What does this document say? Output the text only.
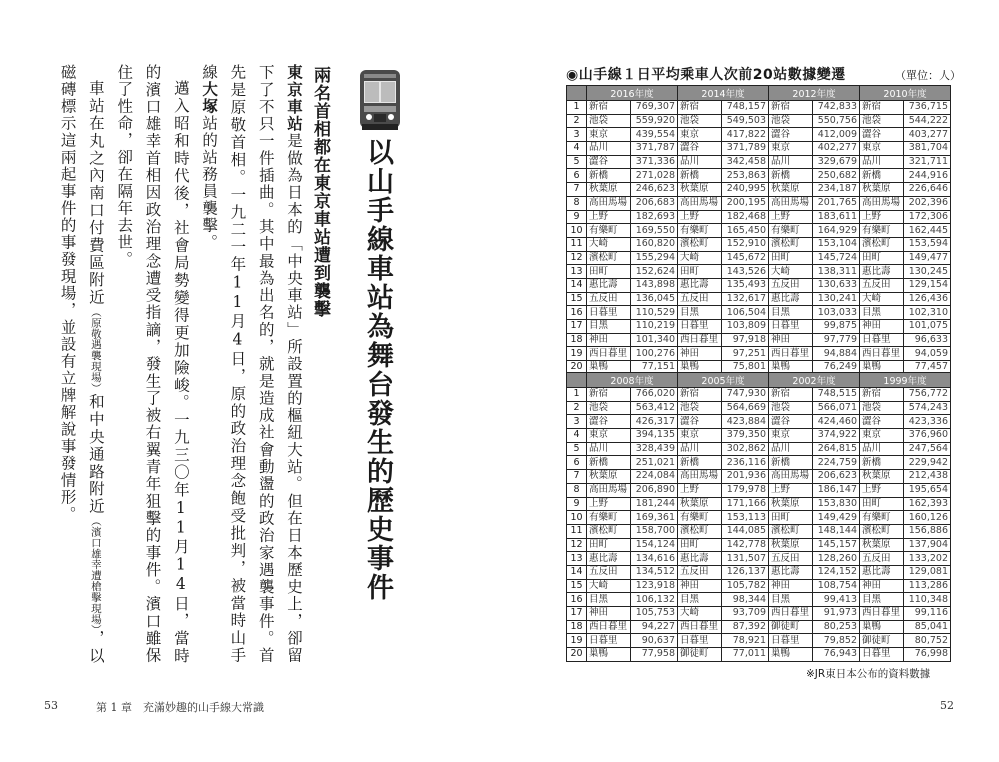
以山手線車站為舞台發生的歷史事件
兩名首相都在東京車站遭到襲擊

東京車站是做為日本的「中央車站」所設置的樞紐大站。但在日本歷史上，卻留下了不只一件插曲。其中最為出名的，就是造成社會動盪的政治家遇襲事件。首先是原敬首相。一九二一年11月4日，原的政治理念飽受批判，被當時山手線大塚站的站務員襲擊。

邁入昭和時代後，社會局勢變得更加險峻。一九三〇年11月14日，當時的濱口雄幸首相因政治理念遭受指謫，發生了被右翼青年狙擊的事件。濱口雖保住了性命，卻在隔年去世。

車站在丸之內南口付費區附近（原敬遇襲現場）和中央通路附近（濱口雄幸遭槍擊現場），以磁磚標示這兩起事件的事發現場，並設有立牌解說事發情形。

53	第 1 章　充滿妙趣的山手線大常識
◉山手線１日平均乘車人次前20站數據變遷	（單位：人）
	2016年度		2014年度		2012年度		2010年度	
1	新宿	769,307	新宿	748,157	新宿	742,833	新宿	736,715
2	池袋	559,920	池袋	549,503	池袋	550,756	池袋	544,222
3	東京	439,554	東京	417,822	澀谷	412,009	澀谷	403,277
4	品川	371,787	澀谷	371,789	東京	402,277	東京	381,704
5	澀谷	371,336	品川	342,458	品川	329,679	品川	321,711
6	新橋	271,028	新橋	253,863	新橋	250,682	新橋	244,916
7	秋葉原	246,623	秋葉原	240,995	秋葉原	234,187	秋葉原	226,646
8	高田馬場	206,683	高田馬場	200,195	高田馬場	201,765	高田馬場	202,396
9	上野	182,693	上野	182,468	上野	183,611	上野	172,306
10	有樂町	169,550	有樂町	165,450	有樂町	164,929	有樂町	162,445
11	大崎	160,820	濱松町	152,910	濱松町	153,104	濱松町	153,594
12	濱松町	155,294	大崎	145,672	田町	145,724	田町	149,477
13	田町	152,624	田町	143,526	大崎	138,311	惠比壽	130,245
14	惠比壽	143,898	惠比壽	135,493	五反田	130,633	五反田	129,154
15	五反田	136,045	五反田	132,617	惠比壽	130,241	大崎	126,436
16	日暮里	110,529	目黑	106,504	目黑	103,033	目黑	102,310
17	目黑	110,219	日暮里	103,809	日暮里	99,875	神田	101,075
18	神田	101,340	西日暮里	97,918	神田	97,779	日暮里	96,633
19	西日暮里	100,276	神田	97,251	西日暮里	94,884	西日暮里	94,059
20	巢鴨	77,151	巢鴨	75,801	巢鴨	76,249	巢鴨	77,457
	2008年度		2005年度		2002年度		1999年度	
1	新宿	766,020	新宿	747,930	新宿	748,515	新宿	756,772
2	池袋	563,412	池袋	564,669	池袋	566,071	池袋	574,243
3	澀谷	426,317	澀谷	423,884	澀谷	424,460	澀谷	423,336
4	東京	394,135	東京	379,350	東京	374,922	東京	376,960
5	品川	328,439	品川	302,862	品川	264,815	品川	247,564
6	新橋	251,021	新橋	236,116	新橋	224,759	新橋	229,942
7	秋葉原	224,084	高田馬場	201,936	高田馬場	206,623	秋葉原	212,438
8	高田馬場	206,890	上野	179,978	上野	186,147	上野	195,654
9	上野	181,244	秋葉原	171,166	秋葉原	153,830	田町	162,393
10	有樂町	169,361	有樂町	153,113	田町	149,429	有樂町	160,126
11	濱松町	158,700	濱松町	144,085	濱松町	148,144	濱松町	156,886
12	田町	154,124	田町	142,778	秋葉原	145,157	秋葉原	137,904
13	惠比壽	134,616	惠比壽	131,507	五反田	128,260	五反田	133,202
14	五反田	134,512	五反田	126,137	惠比壽	124,152	惠比壽	129,081
15	大崎	123,918	神田	105,782	神田	108,754	神田	113,286
16	目黑	106,132	目黑	98,344	目黑	99,413	目黑	110,348
17	神田	105,753	大崎	93,709	西日暮里	91,973	西日暮里	99,116
18	西日暮里	94,227	西日暮里	87,392	御徒町	80,253	巢鴨	85,041
19	日暮里	90,637	日暮里	78,921	日暮里	79,852	御徒町	80,752
20	巢鴨	77,958	御徒町	77,011	巢鴨	76,943	日暮里	76,998
※JR東日本公布的資料數據
52
